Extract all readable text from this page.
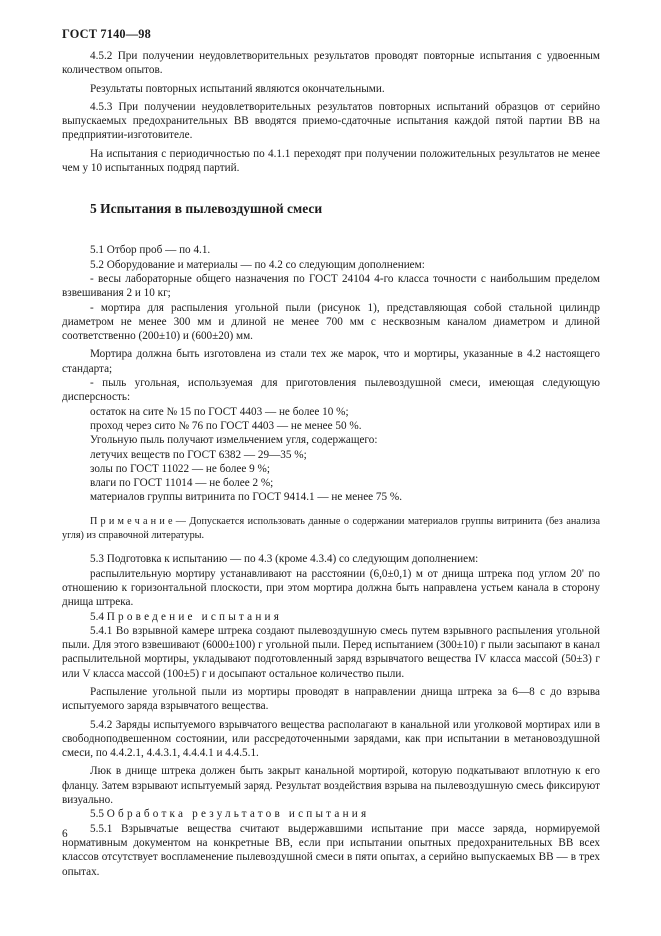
ГОСТ 7140—98

4.5.2 При получении неудовлетворительных результатов проводят повторные испытания с удвоенным количеством опытов.

Результаты повторных испытаний являются окончательными.

4.5.3 При получении неудовлетворительных результатов повторных испытаний образцов от серийно выпускаемых предохранительных ВВ вводятся приемо-сдаточные испытания каждой пятой партии ВВ на предприятии-изготовителе.

На испытания с периодичностью по 4.1.1 переходят при получении положительных результатов не менее чем у 10 испытанных подряд партий.

5 Испытания в пылевоздушной смеси

5.1 Отбор проб — по 4.1.

5.2 Оборудование и материалы — по 4.2 со следующим дополнением:

- весы лабораторные общего назначения по ГОСТ 24104 4-го класса точности с наибольшим пределом взвешивания 2 и 10 кг;

- мортира для распыления угольной пыли (рисунок 1), представляющая собой стальной цилиндр диаметром не менее 300 мм и длиной не менее 700 мм с несквозным каналом диаметром и длиной соответственно (200±10) и (600±20) мм.

Мортира должна быть изготовлена из стали тех же марок, что и мортиры, указанные в 4.2 настоящего стандарта;

- пыль угольная, используемая для приготовления пылевоздушной смеси, имеющая следующую дисперсность:

остаток на сите № 15 по ГОСТ 4403 — не более 10 %;

проход через сито № 76 по ГОСТ 4403 — не менее 50 %.

Угольную пыль получают измельчением угля, содержащего:

летучих веществ по ГОСТ 6382 — 29—35 %;

золы по ГОСТ 11022 — не более 9 %;

влаги по ГОСТ 11014 — не более 2 %;

материалов группы витринита по ГОСТ 9414.1 — не менее 75 %.

Примечание— Допускается использовать данные о содержании материалов группы витринита (без анализа угля) из справочной литературы.

5.3 Подготовка к испытанию — по 4.3 (кроме 4.3.4) со следующим дополнением:

распылительную мортиру устанавливают на расстоянии (6,0±0,1) м от днища штрека под углом 20' по отношению к горизонтальной плоскости, при этом мортира должна быть направлена устьем канала в сторону днища штрека.

5.4 Проведение испытания

5.4.1 Во взрывной камере штрека создают пылевоздушную смесь путем взрывного распыления угольной пыли. Для этого взвешивают (6000±100) г угольной пыли. Перед испытанием (300±10) г пыли засыпают в канал распылительной мортиры, укладывают подготовленный заряд взрывчатого вещества IV класса массой (50±3) г или V класса массой (100±5) г и досыпают остальное количество пыли.

Распыление угольной пыли из мортиры проводят в направлении днища штрека за 6—8 с до взрыва испытуемого заряда взрывчатого вещества.

5.4.2 Заряды испытуемого взрывчатого вещества располагают в канальной или уголковой мортирах или в свободноподвешенном состоянии, или рассредоточенными зарядами, как при испытании в метановоздушной смеси, по 4.4.2.1, 4.4.3.1, 4.4.4.1 и 4.4.5.1.

Люк в днище штрека должен быть закрыт канальной мортирой, которую подкатывают вплотную к его фланцу. Затем взрывают испытуемый заряд. Результат воздействия взрыва на пылевоздушную смесь фиксируют визуально.

5.5 Обработка результатов испытания

5.5.1 Взрывчатые вещества считают выдержавшими испытание при массе заряда, нормируемой нормативным документом на конкретные ВВ, если при испытании опытных предохранительных ВВ всех классов отсутствует воспламенение пылевоздушной смеси в пяти опытах, а серийно выпускаемых ВВ — в трех опытах.

6
